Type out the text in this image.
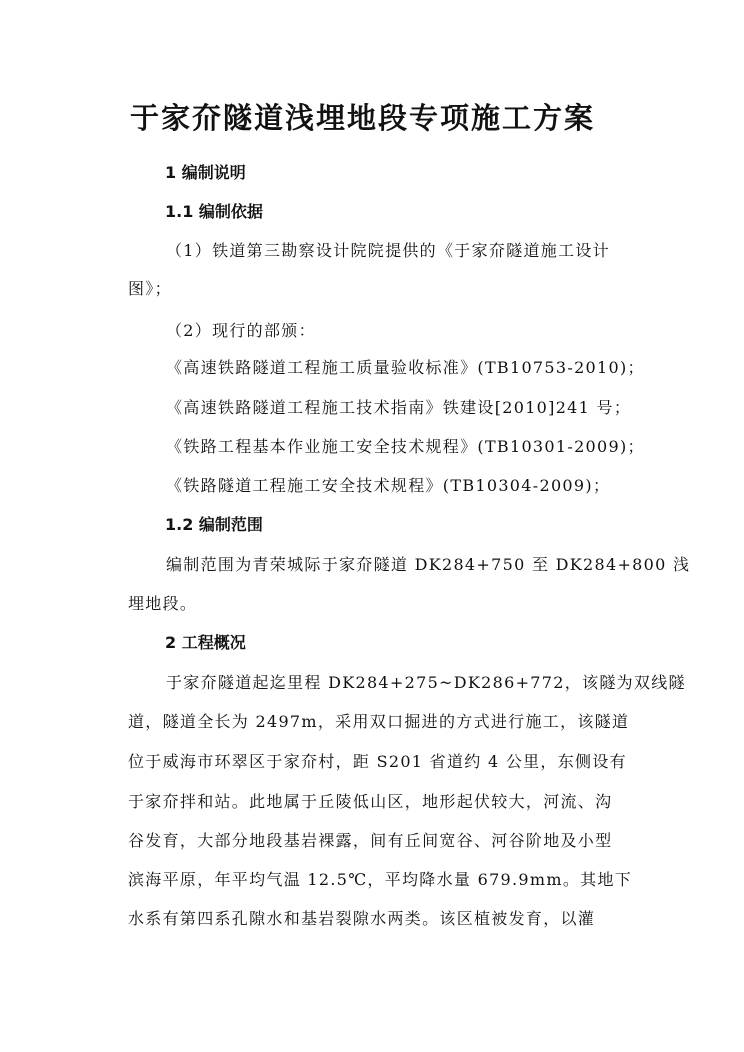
于家夼隧道浅埋地段专项施工方案
1 编制说明
1.1 编制依据
（1）铁道第三勘察设计院院提供的《于家夼隧道施工设计
图》；
（2）现行的部颁：
《高速铁路隧道工程施工质量验收标准》(TB10753-2010)；
《高速铁路隧道工程施工技术指南》铁建设[2010]241 号；
《铁路工程基本作业施工安全技术规程》(TB10301-2009)；
《铁路隧道工程施工安全技术规程》(TB10304-2009)；
1.2 编制范围
编制范围为青荣城际于家夼隧道 DK284+750 至 DK284+800 浅
埋地段。
2 工程概况
于家夼隧道起迄里程 DK284+275~DK286+772，该隧为双线隧
道，隧道全长为 2497m，采用双口掘进的方式进行施工，该隧道
位于威海市环翠区于家夼村，距 S201 省道约 4 公里，东侧设有
于家夼拌和站。此地属于丘陵低山区，地形起伏较大，河流、沟
谷发育，大部分地段基岩裸露，间有丘间宽谷、河谷阶地及小型
滨海平原，年平均气温 12.5℃，平均降水量 679.9mm。其地下
水系有第四系孔隙水和基岩裂隙水两类。该区植被发育，以灌
